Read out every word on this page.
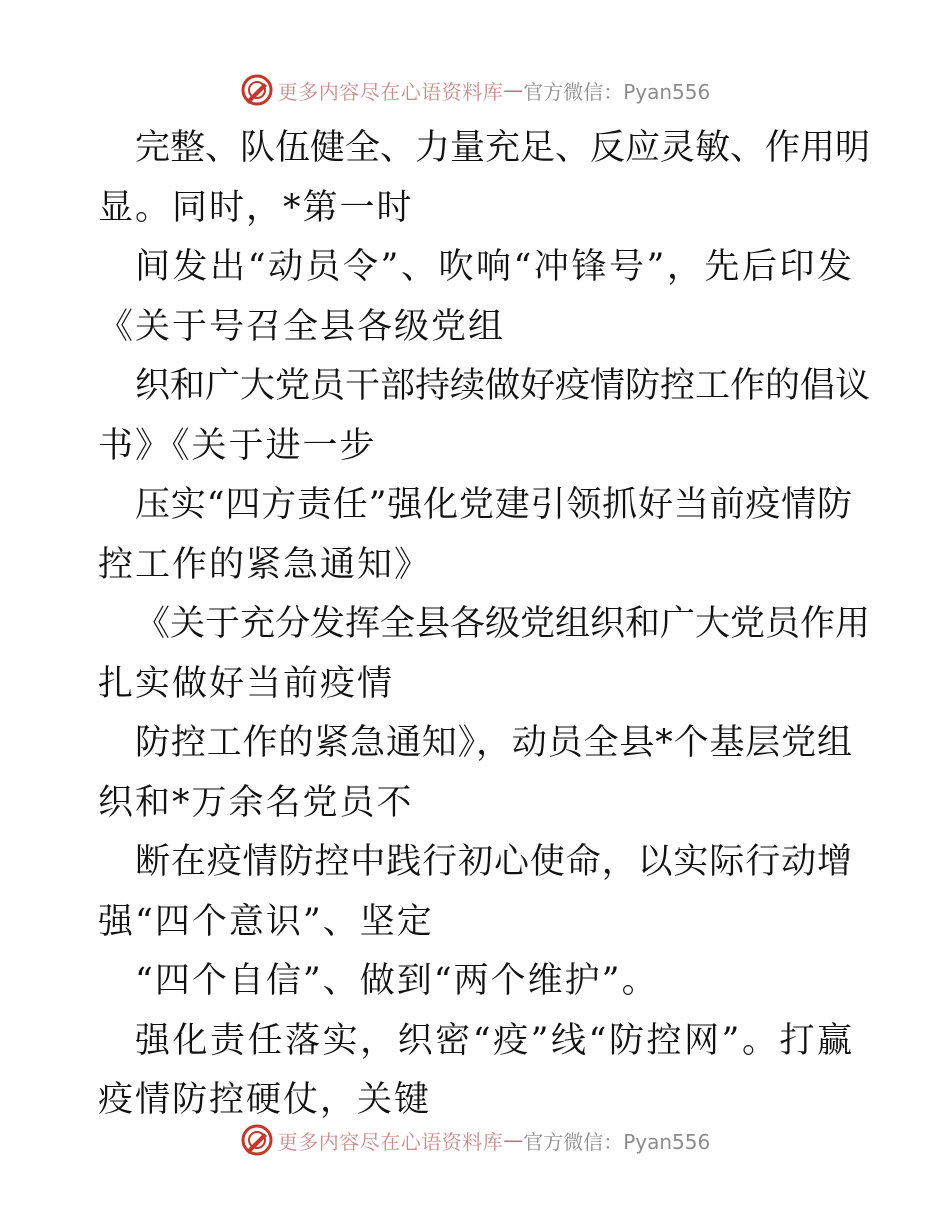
更多内容尽在心语资料库 — 官方微信：Pyan556
完整、队伍健全、力量充足、反应灵敏、作用明
显。同时，*第一时
间发出“动员令”、吹响“冲锋号”，先后印发
《关于号召全县各级党组
织和广大党员干部持续做好疫情防控工作的倡议
书》《关于进一步
压实“四方责任”强化党建引领抓好当前疫情防
控工作的紧急通知》
《关于充分发挥全县各级党组织和广大党员作用
扎实做好当前疫情
防控工作的紧急通知》，动员全县*个基层党组
织和*万余名党员不
断在疫情防控中践行初心使命，以实际行动增
强“四个意识”、坚定
“四个自信”、做到“两个维护”。
强化责任落实，织密“疫”线“防控网”。打赢
疫情防控硬仗，关键
更多内容尽在心语资料库 — 官方微信：Pyan556
